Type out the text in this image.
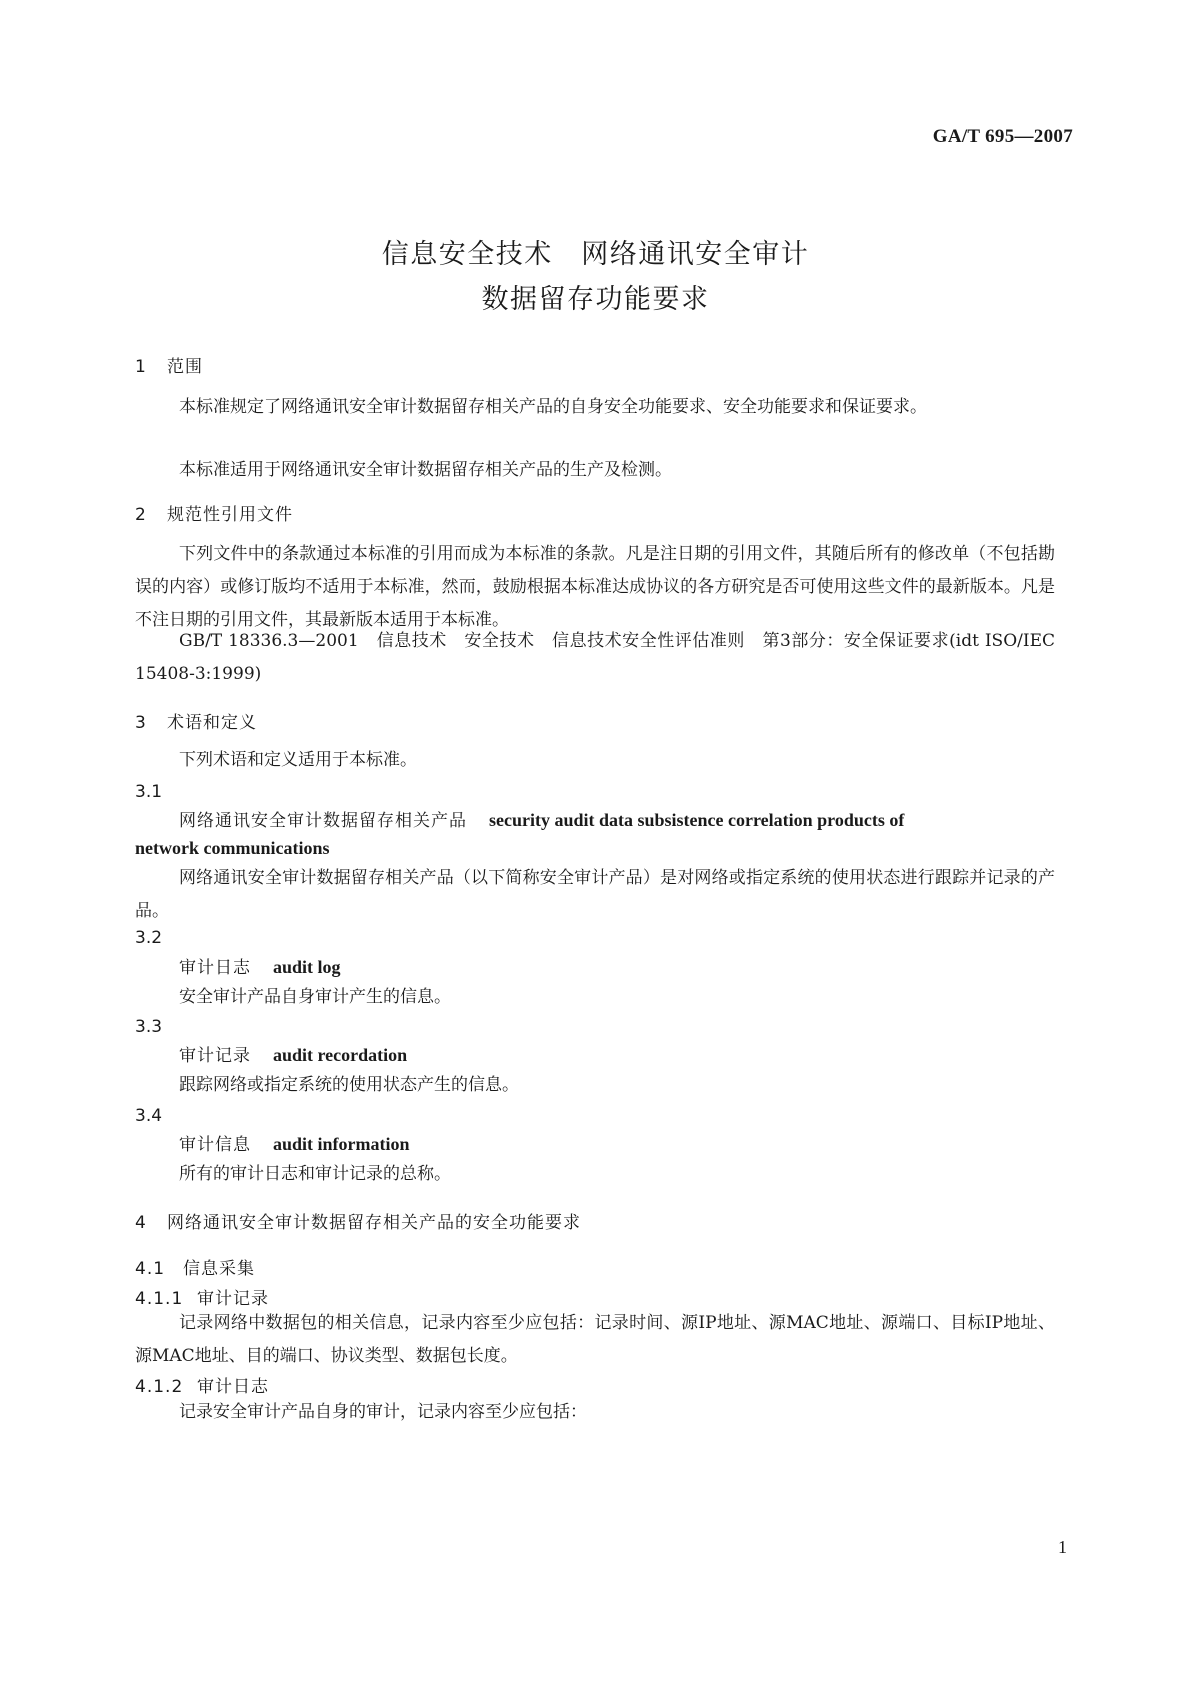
GA/T 695—2007
信息安全技术　网络通讯安全审计
数据留存功能要求
1 范围
本标准规定了网络通讯安全审计数据留存相关产品的自身安全功能要求、安全功能要求和保证要求。
本标准适用于网络通讯安全审计数据留存相关产品的生产及检测。
2 规范性引用文件
下列文件中的条款通过本标准的引用而成为本标准的条款。凡是注日期的引用文件，其随后所有的修改单（不包括勘误的内容）或修订版均不适用于本标准，然而，鼓励根据本标准达成协议的各方研究是否可使用这些文件的最新版本。凡是不注日期的引用文件，其最新版本适用于本标准。
GB/T 18336.3—2001　信息技术　安全技术　信息技术安全性评估准则　第3部分：安全保证要求(idt ISO/IEC 15408-3:1999)
3 术语和定义
下列术语和定义适用于本标准。
3.1
网络通讯安全审计数据留存相关产品 security audit data subsistence correlation products of
network communications
网络通讯安全审计数据留存相关产品（以下简称安全审计产品）是对网络或指定系统的使用状态进行跟踪并记录的产品。
3.2
审计日志 audit log
安全审计产品自身审计产生的信息。
3.3
审计记录 audit recordation
跟踪网络或指定系统的使用状态产生的信息。
3.4
审计信息 audit information
所有的审计日志和审计记录的总称。
4 网络通讯安全审计数据留存相关产品的安全功能要求
4.1 信息采集
4.1.1 审计记录
记录网络中数据包的相关信息，记录内容至少应包括：记录时间、源IP地址、源MAC地址、源端口、目标IP地址、源MAC地址、目的端口、协议类型、数据包长度。
4.1.2 审计日志
记录安全审计产品自身的审计，记录内容至少应包括：
1
